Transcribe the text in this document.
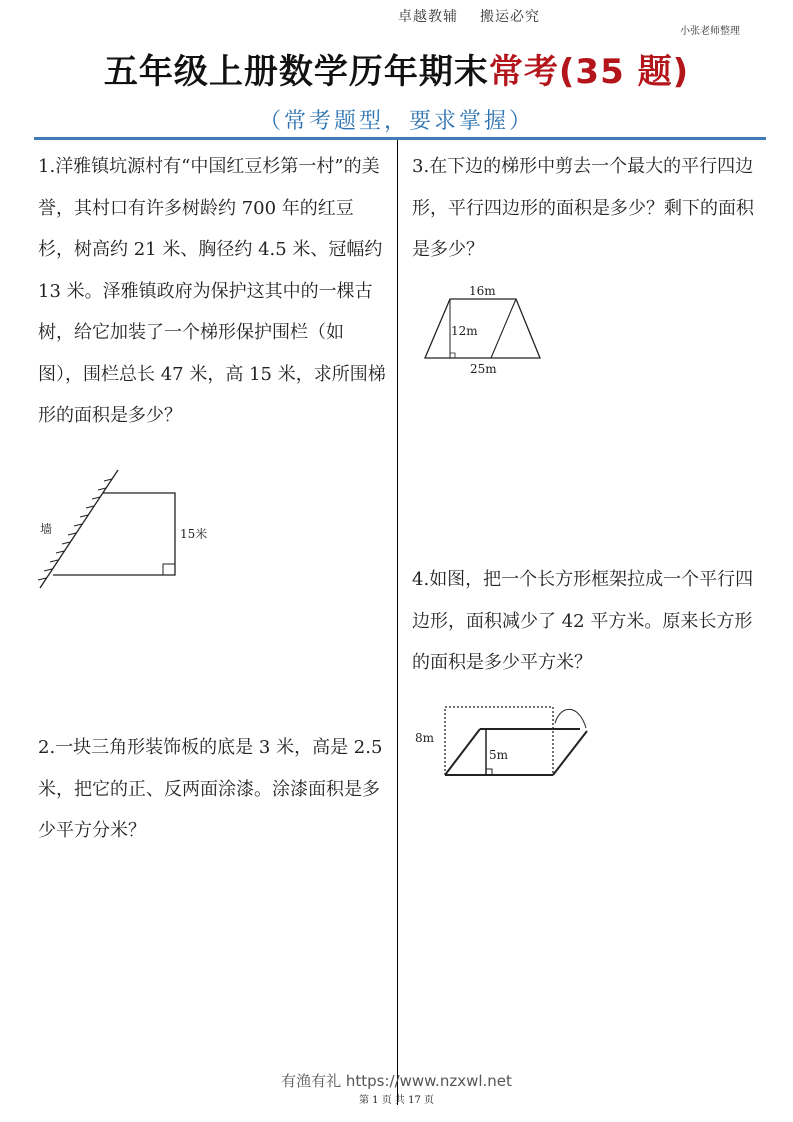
卓越教辅 搬运必究
小张老师整理
五年级上册数学历年期末常考(35 题)
（常考题型，要求掌握）
1.洋雅镇坑源村有“中国红豆杉第一村”的美誉，其村口有许多树龄约 700 年的红豆杉，树高约 21 米、胸径约 4.5 米、冠幅约 13 米。泽雅镇政府为保护这其中的一棵古树，给它加装了一个梯形保护围栏（如图），围栏总长 47 米，高 15 米，求所围梯形的面积是多少？
墙	15米
2.一块三角形装饰板的底是 3 米，高是 2.5 米，把它的正、反两面涂漆。涂漆面积是多少平方分米？
3.在下边的梯形中剪去一个最大的平行四边形，平行四边形的面积是多少？剩下的面积是多少？
16m
12m
25m
4.如图，把一个长方形框架拉成一个平行四边形，面积减少了 42 平方米。原来长方形的面积是多少平方米？
8m
5m
有渔有礼 https://www.nzxwl.net
第 1 页 共 17 页
